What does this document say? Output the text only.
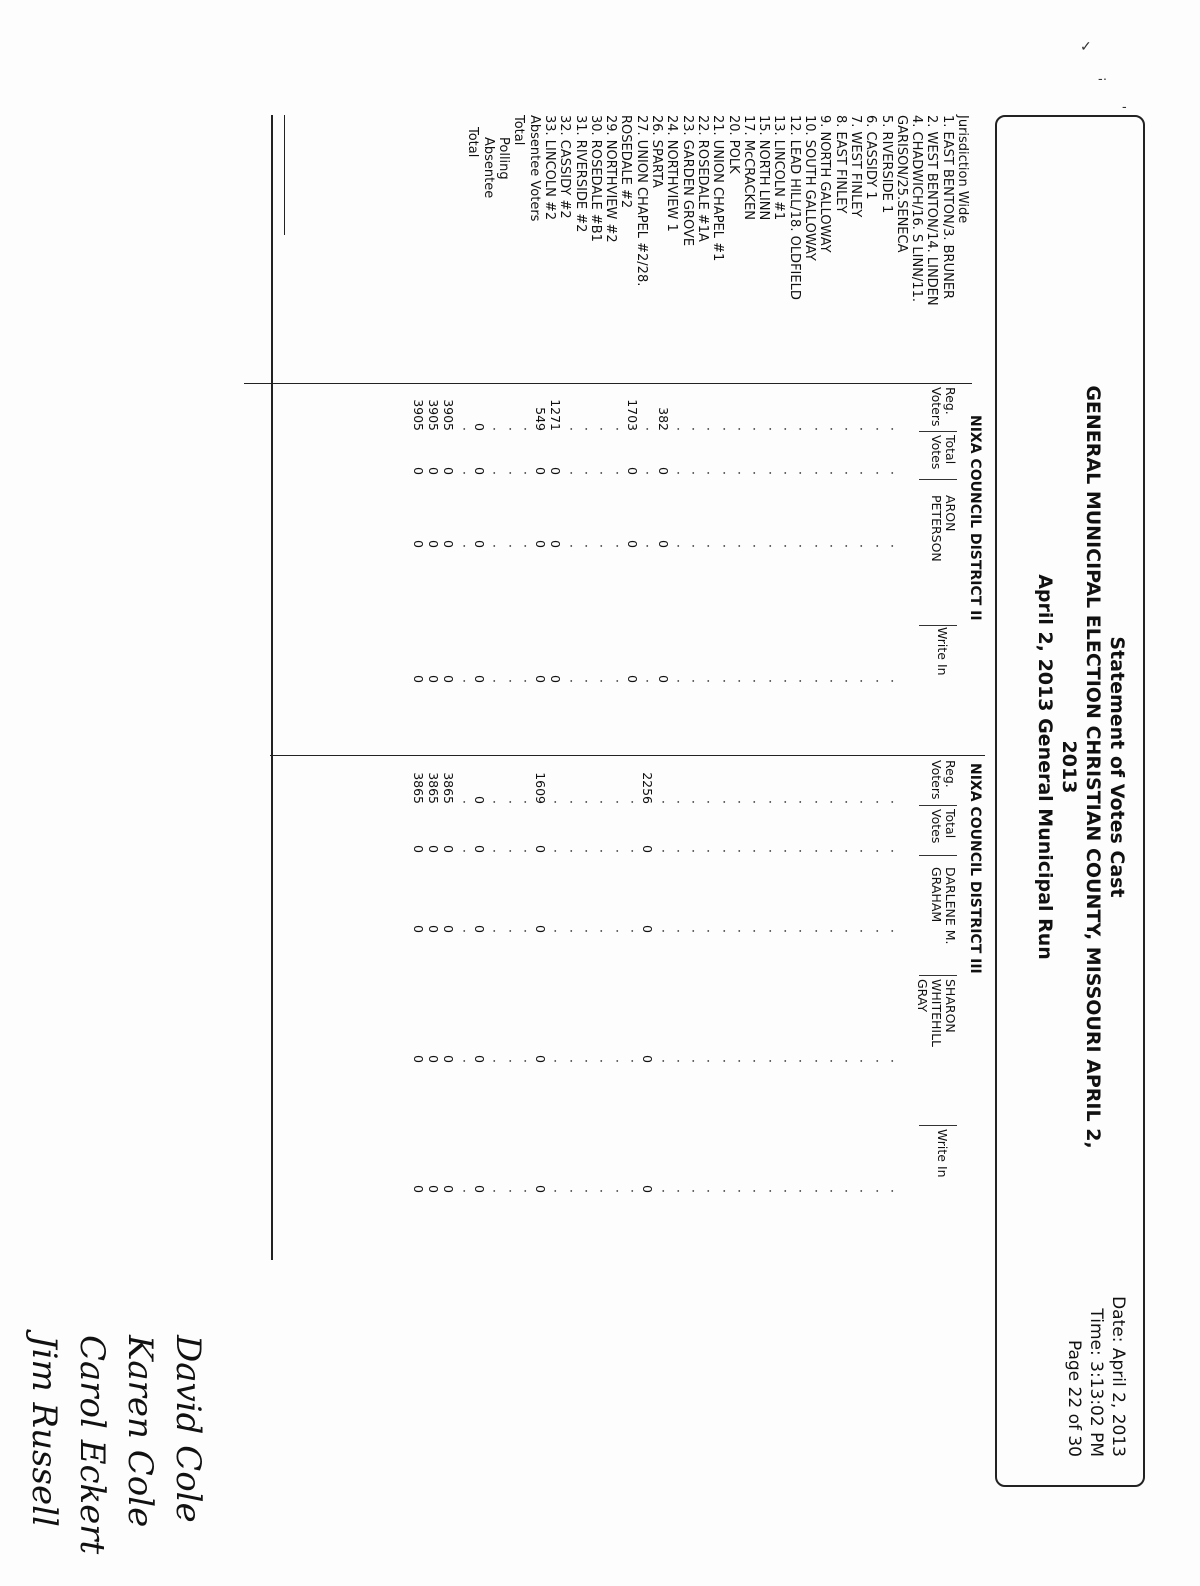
Statement of Votes Cast
GENERAL MUNICIPAL ELECTION CHRISTIAN COUNTY, MISSOURI APRIL 2, 2013
April 2, 2013 General Municipal Run
Date: April 2, 2013
Time: 3:13:02 PM
Page 22 of 30
Jurisdiction Wide
1. EAST BENTON/3. BRUNER
2. WEST BENTON/14. LINDEN
4. CHADWICH/16. S LINN/11.
GARISON/25.SENECA
5. RIVERSIDE 1
6. CASSIDY 1
7. WEST FINLEY
8. EAST FINLEY
9. NORTH GALLOWAY
10. SOUTH GALLOWAY
12. LEAD HILL/18. OLDFIELD
13. LINCOLN #1
15. NORTH LINN
17. McCRACKEN
20. POLK
21. UNION CHAPEL #1
22. ROSEDALE #1A
23. GARDEN GROVE
24. NORTHVIEW 1
26. SPARTA
27. UNION CHAPEL #2/28.
ROSEDALE #2
29. NORTHVIEW #2
30. ROSEDALE #B1
31. RIVERSIDE #2
32. CASSIDY #2
33. LINCOLN #2
Absentee Voters
Total
Polling
Absentee
Total
NIXA COUNCIL DISTRICT II
Reg. Voters
Total Votes
ARON PETERSON
Write In
NIXA COUNCIL DISTRICT III
Reg. Voters
Total Votes
DARLENE M. GRAHAM
SHARON WHITEHILL GRAY
Write In
·
·
·
·
·
·
·
·
·
·
·
·
·
·
·
382
·
1703
·
·
·
·
1271
549
·
·
·
0
·
3905
3905
3905
·
·
·
·
·
·
·
·
·
·
·
·
·
·
·
0
·
0
·
·
·
·
0
0
·
·
·
0
·
0
0
0
·
·
·
·
·
·
·
·
·
·
·
·
·
·
·
0
·
0
·
·
·
·
0
0
·
·
·
0
·
0
0
0
·
·
·
·
·
·
·
·
·
·
·
·
·
·
·
0
·
0
·
·
·
·
0
0
·
·
·
0
·
0
0
0
·
·
·
·
·
·
·
·
·
·
·
·
·
·
·
·
2256
·
·
·
·
·
·
1609
·
·
·
0
·
3865
3865
3865
·
·
·
·
·
·
·
·
·
·
·
·
·
·
·
·
0
·
·
·
·
·
·
0
·
·
·
0
·
0
0
0
·
·
·
·
·
·
·
·
·
·
·
·
·
·
·
·
0
·
·
·
·
·
·
0
·
·
·
0
·
0
0
0
·
·
·
·
·
·
·
·
·
·
·
·
·
·
·
·
0
·
·
·
·
·
·
0
·
·
·
0
·
0
0
0
·
·
·
·
·
·
·
·
·
·
·
·
·
·
·
·
0
·
·
·
·
·
·
0
·
·
·
0
·
0
0
0
David Cole
Karen Cole
Carol Eckert
Jim Russell
✓
-·
-
